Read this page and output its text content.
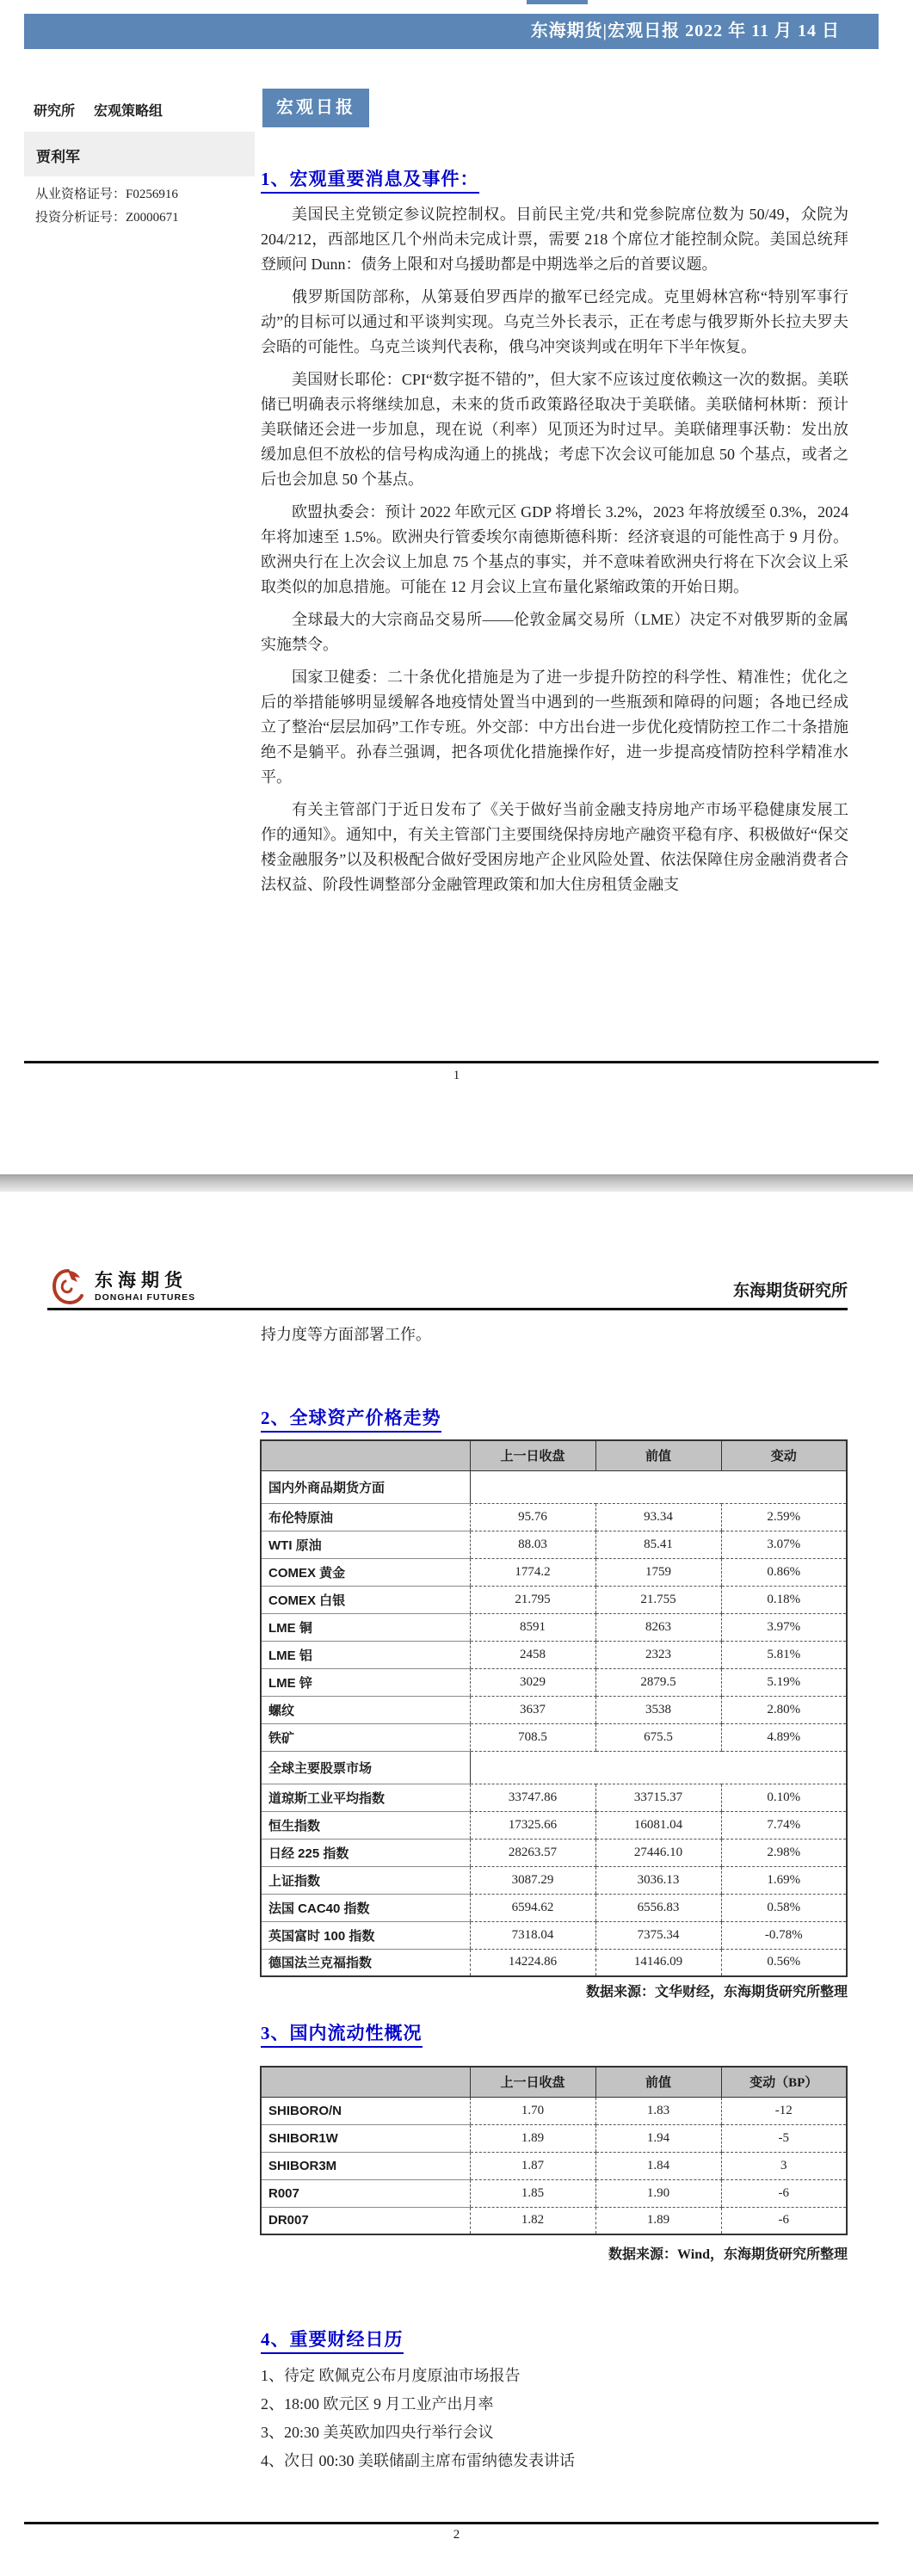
东海期货|宏观日报 2022 年 11 月 14 日
研究所 宏观策略组
贾利军
从业资格证号：F0256916
投资分析证号：Z0000671
宏观日报
1、宏观重要消息及事件：

美国民主党锁定参议院控制权。目前民主党/共和党参院席位数为 50/49，众院为 204/212，西部地区几个州尚未完成计票，需要 218 个席位才能控制众院。美国总统拜登顾问 Dunn：债务上限和对乌援助都是中期选举之后的首要议题。

俄罗斯国防部称，从第聂伯罗西岸的撤军已经完成。克里姆林宫称“特别军事行动”的目标可以通过和平谈判实现。乌克兰外长表示，正在考虑与俄罗斯外长拉夫罗夫会晤的可能性。乌克兰谈判代表称，俄乌冲突谈判或在明年下半年恢复。

美国财长耶伦：CPI“数字挺不错的”，但大家不应该过度依赖这一次的数据。美联储已明确表示将继续加息，未来的货币政策路径取决于美联储。美联储柯林斯：预计美联储还会进一步加息，现在说（利率）见顶还为时过早。美联储理事沃勒：发出放缓加息但不放松的信号构成沟通上的挑战；考虑下次会议可能加息 50 个基点，或者之后也会加息 50 个基点。

欧盟执委会：预计 2022 年欧元区 GDP 将增长 3.2%，2023 年将放缓至 0.3%，2024 年将加速至 1.5%。欧洲央行管委埃尔南德斯德科斯：经济衰退的可能性高于 9 月份。欧洲央行在上次会议上加息 75 个基点的事实，并不意味着欧洲央行将在下次会议上采取类似的加息措施。可能在 12 月会议上宣布量化紧缩政策的开始日期。

全球最大的大宗商品交易所——伦敦金属交易所（LME）决定不对俄罗斯的金属实施禁令。

国家卫健委：二十条优化措施是为了进一步提升防控的科学性、精准性；优化之后的举措能够明显缓解各地疫情处置当中遇到的一些瓶颈和障碍的问题；各地已经成立了整治“层层加码”工作专班。外交部：中方出台进一步优化疫情防控工作二十条措施绝不是躺平。孙春兰强调，把各项优化措施操作好，进一步提高疫情防控科学精准水平。

有关主管部门于近日发布了《关于做好当前金融支持房地产市场平稳健康发展工作的通知》。通知中，有关主管部门主要围绕保持房地产融资平稳有序、积极做好“保交楼金融服务”以及积极配合做好受困房地产企业风险处置、依法保障住房金融消费者合法权益、阶段性调整部分金融管理政策和加大住房租赁金融支

1
东海期货
DONGHAI FUTURES	东海期货研究所

持力度等方面部署工作。

2、全球资产价格走势
	上一日收盘	前值	变动
国内外商品期货方面			
布伦特原油	95.76	93.34	2.59%
WTI 原油	88.03	85.41	3.07%
COMEX 黄金	1774.2	1759	0.86%
COMEX 白银	21.795	21.755	0.18%
LME 铜	8591	8263	3.97%
LME 铝	2458	2323	5.81%
LME 锌	3029	2879.5	5.19%
螺纹	3637	3538	2.80%
铁矿	708.5	675.5	4.89%
全球主要股票市场			
道琼斯工业平均指数	33747.86	33715.37	0.10%
恒生指数	17325.66	16081.04	7.74%
日经 225 指数	28263.57	27446.10	2.98%
上证指数	3087.29	3036.13	1.69%
法国 CAC40 指数	6594.62	6556.83	0.58%
英国富时 100 指数	7318.04	7375.34	-0.78%
德国法兰克福指数	14224.86	14146.09	0.56%
数据来源：文华财经，东海期货研究所整理
3、国内流动性概况
	上一日收盘	前值	变动（BP）
SHIBORO/N	1.70	1.83	-12
SHIBOR1W	1.89	1.94	-5
SHIBOR3M	1.87	1.84	3
R007	1.85	1.90	-6
DR007	1.82	1.89	-6
数据来源：Wind，东海期货研究所整理
4、重要财经日历
1、待定 欧佩克公布月度原油市场报告
2、18:00 欧元区 9 月工业产出月率
3、20:30 美英欧加四央行举行会议
4、次日 00:30 美联储副主席布雷纳德发表讲话
2
